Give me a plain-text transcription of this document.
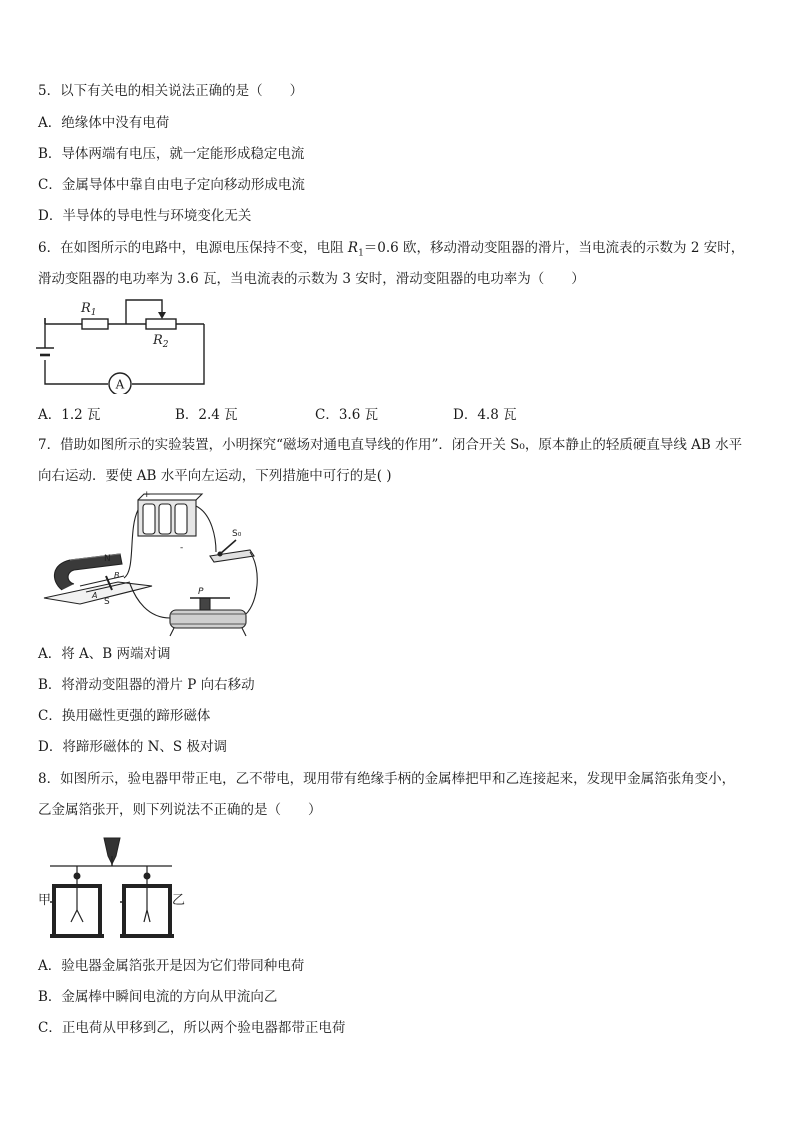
5．以下有关电的相关说法正确的是（　　）
A．绝缘体中没有电荷
B．导体两端有电压，就一定能形成稳定电流
C．金属导体中靠自由电子定向移动形成电流
D．半导体的导电性与环境变化无关
6．在如图所示的电路中，电源电压保持不变，电阻 $R_1=0.6$ 欧，移动滑动变阻器的滑片，当电流表的示数为 2 安时，
滑动变阻器的电功率为 3.6 瓦，当电流表的示数为 3 安时，滑动变阻器的电功率为（　　）
$R_1$
$R_2$
A
A．1.2 瓦	B．2.4 瓦	C．3.6 瓦	D．4.8 瓦
7．借助如图所示的实验装置，小明探究“磁场对通电直导线的作用”．闭合开关 S₀，原本静止的轻质硬直导线 AB 水平
向右运动．要使 AB 水平向左运动，下列措施中可行的是( )
+
-
S₀
N
S
A
B
P
A．将 A、B 两端对调
B．将滑动变阻器的滑片 P 向右移动
C．换用磁性更强的蹄形磁体
D．将蹄形磁体的 N、S 极对调
8．如图所示，验电器甲带正电，乙不带电，现用带有绝缘手柄的金属棒把甲和乙连接起来，发现甲金属箔张角变小，
乙金属箔张开，则下列说法不正确的是（　　）
甲	乙
A．验电器金属箔张开是因为它们带同种电荷
B．金属棒中瞬间电流的方向从甲流向乙
C．正电荷从甲移到乙，所以两个验电器都带正电荷
